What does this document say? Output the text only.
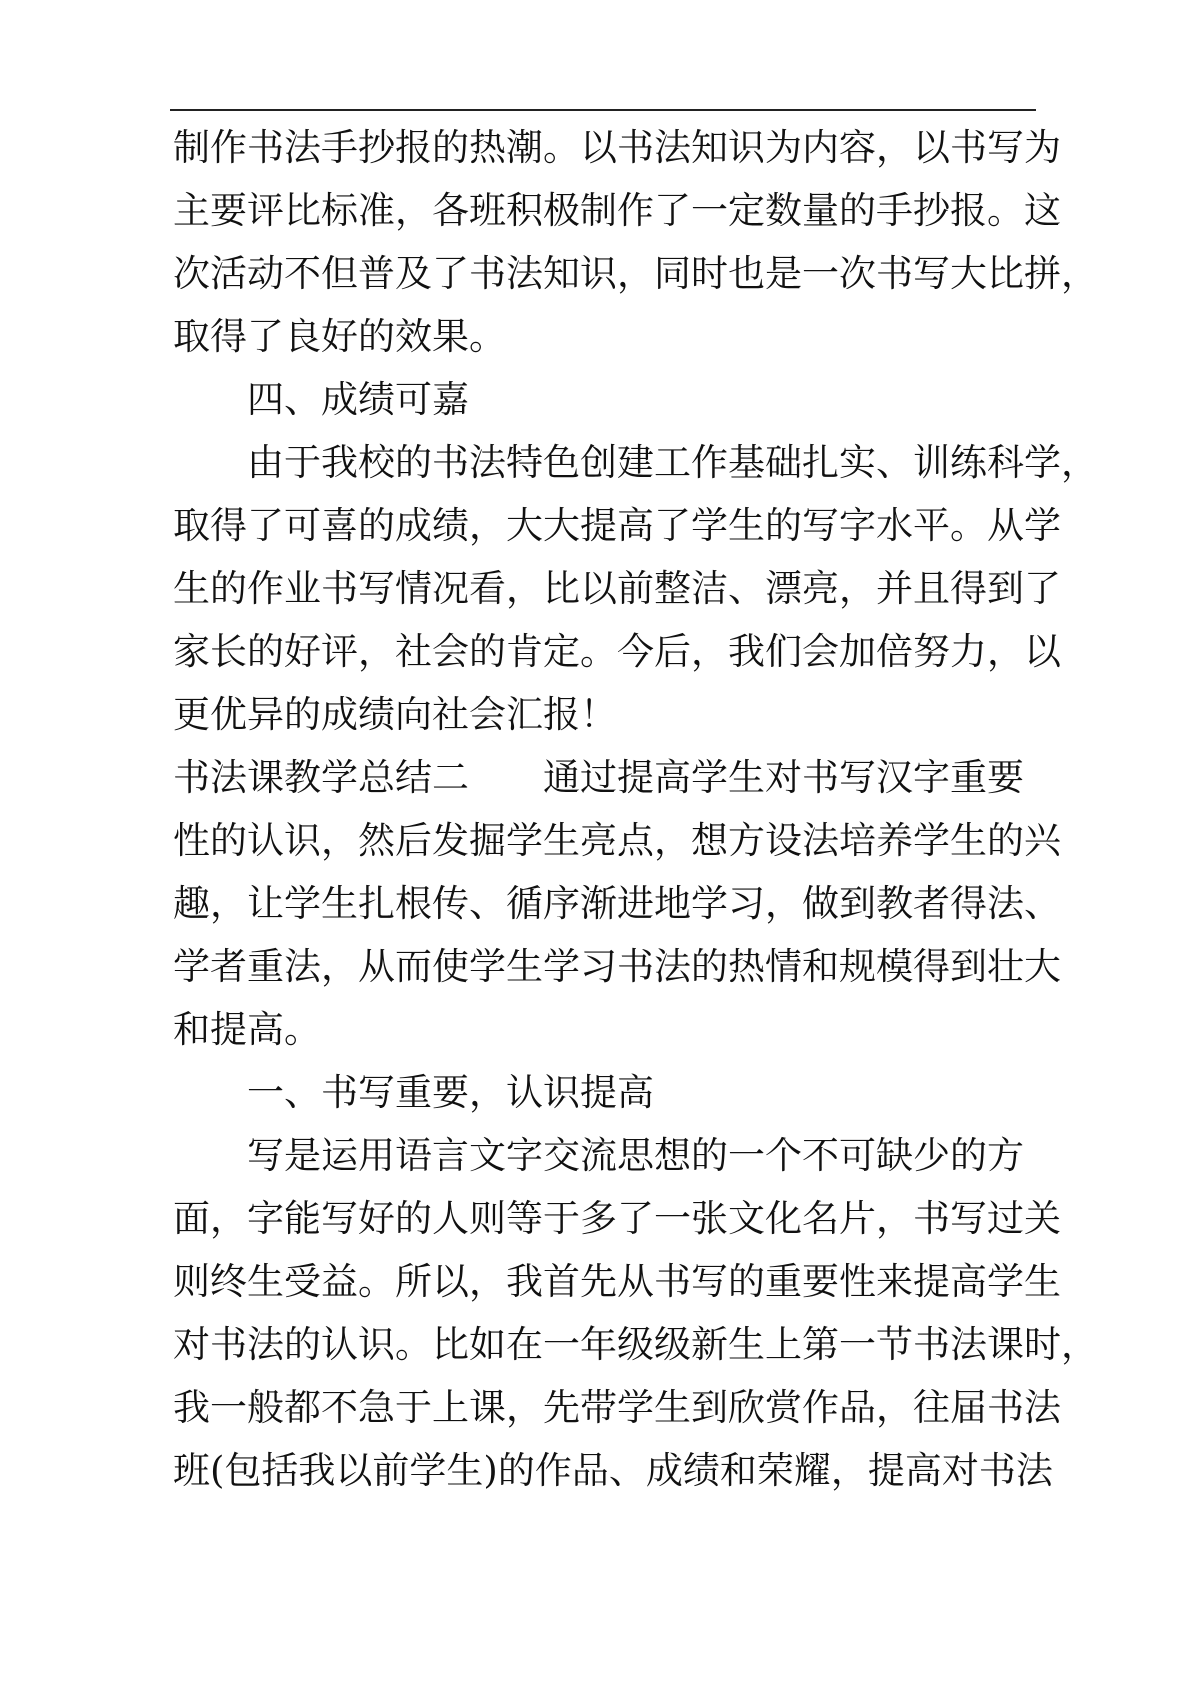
制作书法手抄报的热潮。以书法知识为内容，以书写为
主要评比标准，各班积极制作了一定数量的手抄报。这
次活动不但普及了书法知识，同时也是一次书写大比拼，
取得了良好的效果。
四、成绩可嘉
由于我校的书法特色创建工作基础扎实、训练科学，
取得了可喜的成绩，大大提高了学生的写字水平。从学
生的作业书写情况看，比以前整洁、漂亮，并且得到了
家长的好评，社会的肯定。今后，我们会加倍努力，以
更优异的成绩向社会汇报！
书法课教学总结二 通过提高学生对书写汉字重要
性的认识，然后发掘学生亮点，想方设法培养学生的兴
趣，让学生扎根传、循序渐进地学习，做到教者得法、
学者重法，从而使学生学习书法的热情和规模得到壮大
和提高。
一、书写重要，认识提高
写是运用语言文字交流思想的一个不可缺少的方
面，字能写好的人则等于多了一张文化名片，书写过关
则终生受益。所以，我首先从书写的重要性来提高学生
对书法的认识。比如在一年级级新生上第一节书法课时，
我一般都不急于上课，先带学生到欣赏作品，往届书法
班(包括我以前学生)的作品、成绩和荣耀，提高对书法
